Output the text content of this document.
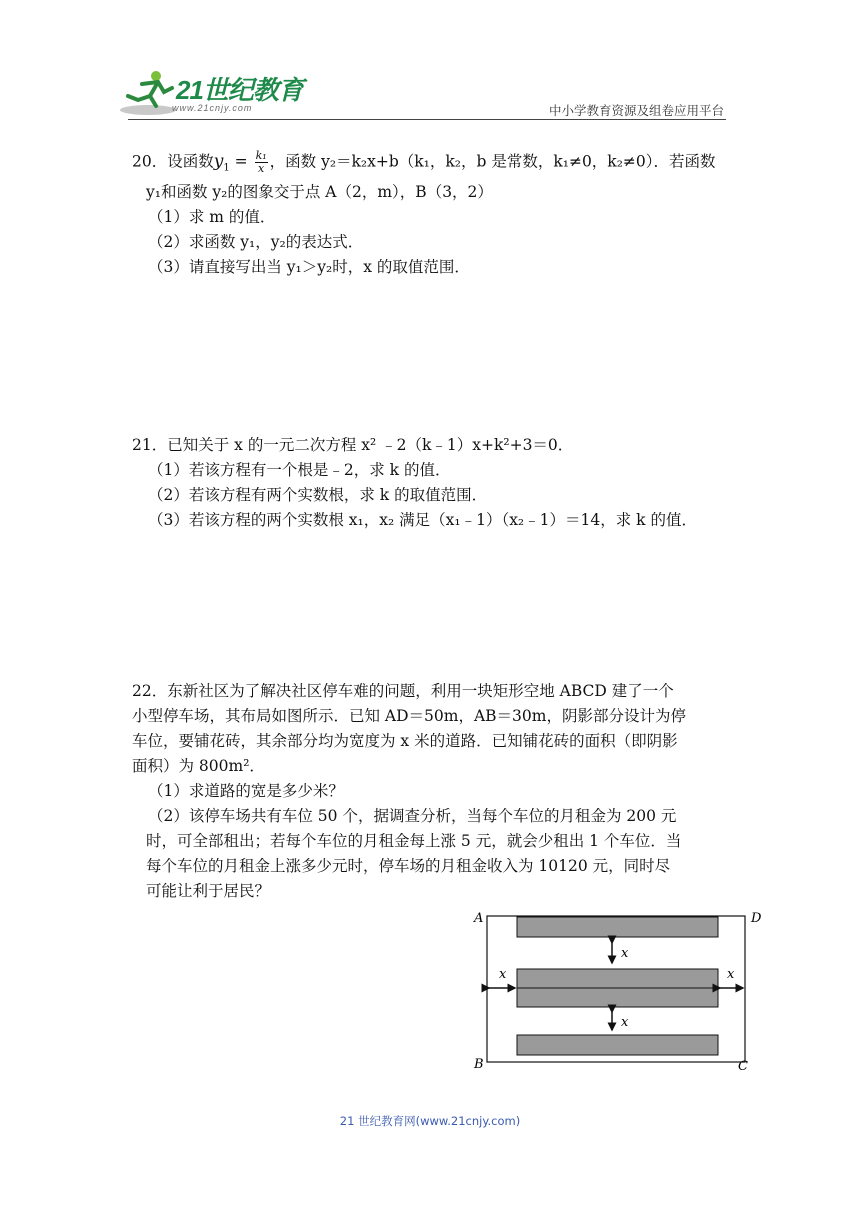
21世纪教育
www.21cnjy.com	中小学教育资源及组卷应用平台
20．设函数$y_1 = \frac{\text{k₁}}{x}$ ，函数 y₂＝k₂x+b（k₁，k₂，b 是常数，k₁≠0，k₂≠0）．若函数
y₁和函数 y₂的图象交于点 A（2，m），B（3，2）
（1）求 m 的值．
（2）求函数 y₁，y₂的表达式．
（3）请直接写出当 y₁＞y₂时，x 的取值范围．
21．已知关于 x 的一元二次方程 x² ﹣2（k﹣1）x+k²+3＝0．
（1）若该方程有一个根是﹣2，求 k 的值．
（2）若该方程有两个实数根，求 k 的取值范围．
（3）若该方程的两个实数根 x₁，x₂ 满足（x₁﹣1）（x₂﹣1）＝14，求 k 的值．
22．东新社区为了解决社区停车难的问题，利用一块矩形空地 ABCD 建了一个
小型停车场，其布局如图所示．已知 AD＝50m，AB＝30m，阴影部分设计为停
车位，要铺花砖，其余部分均为宽度为 x 米的道路．已知铺花砖的面积（即阴影
面积）为 800m²．
（1）求道路的宽是多少米？
（2）该停车场共有车位 50 个，据调查分析，当每个车位的月租金为 200 元
时，可全部租出；若每个车位的月租金每上涨 5 元，就会少租出 1 个车位．当
每个车位的月租金上涨多少元时，停车场的月租金收入为 10120 元，同时尽
可能让利于居民？
A	D
B	C
x
x
x	x
21 世纪教育网(www.21cnjy.com)
